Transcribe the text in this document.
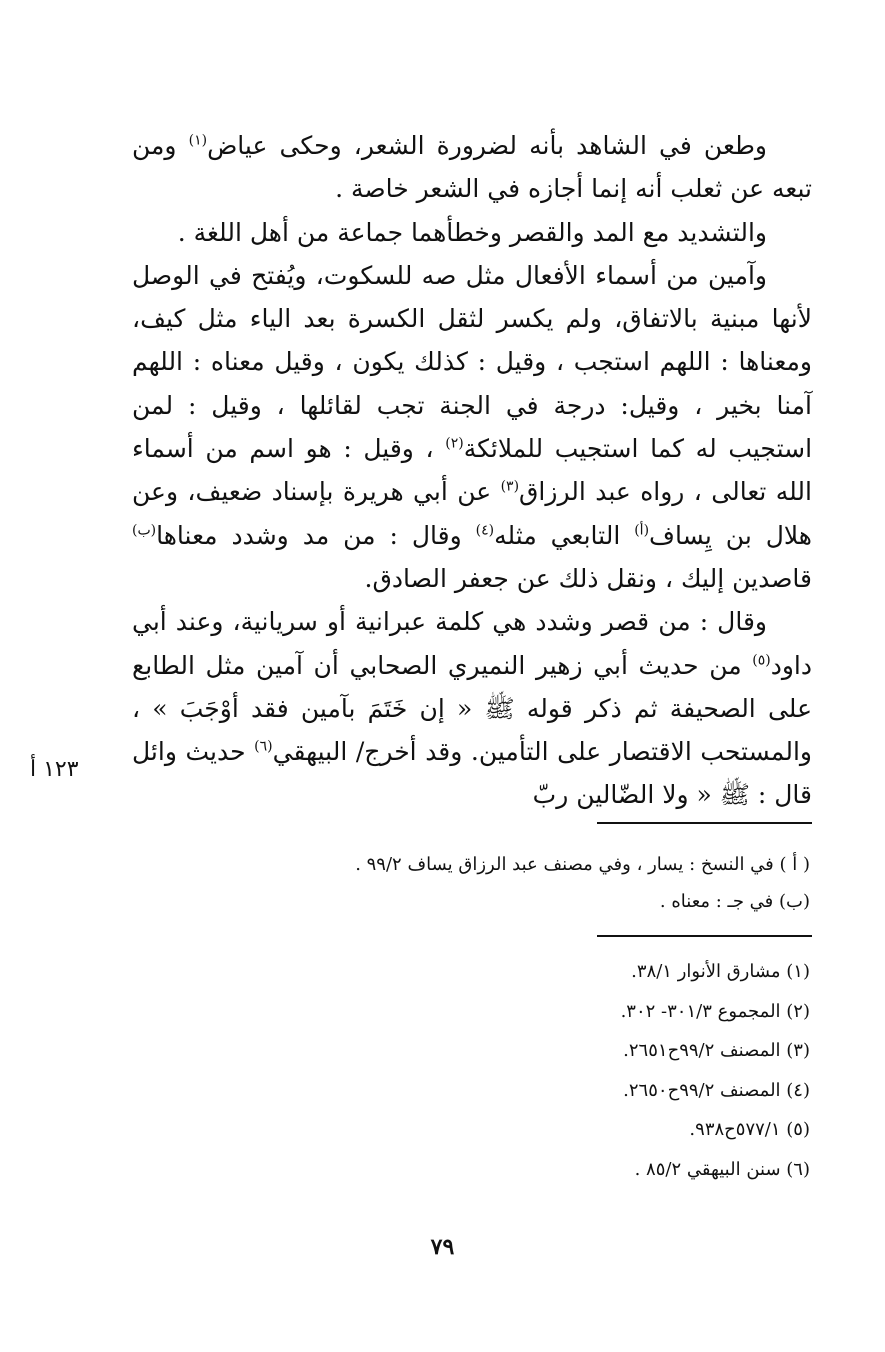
وطعن في الشاهد بأنه لضرورة الشعر، وحكى عياض$^{(١)}$ ومن تبعه عن ثعلب أنه إنما أجازه في الشعر خاصة .

والتشديد مع المد والقصر وخطأهما جماعة من أهل اللغة .

وآمين من أسماء الأفعال مثل صه للسكوت، ويُفتح في الوصل لأنها مبنية بالاتفاق، ولم يكسر لثقل الكسرة بعد الياء مثل كيف، ومعناها : اللهم استجب ، وقيل : كذلك يكون ، وقيل معناه : اللهم آمنا بخير ، وقيل: درجة في الجنة تجب لقائلها ، وقيل : لمن استجيب له كما استجيب للملائكة$^{(٢)}$ ، وقيل : هو اسم من أسماء الله تعالى ، رواه عبد الرزاق$^{(٣)}$ عن أبي هريرة بإسناد ضعيف، وعن هلال بن يِساف$^{(أ)}$ التابعي مثله$^{(٤)}$ وقال : من مد وشدد معناها$^{(ب)}$ قاصدين إليك ، ونقل ذلك عن جعفر الصادق.

وقال : من قصر وشدد هي كلمة عبرانية أو سريانية، وعند أبي داود$^{(٥)}$ من حديث أبي زهير النميري الصحابي أن آمين مثل الطابع على الصحيفة ثم ذكر قوله ﷺ « إن خَتَمَ بآمين فقد أوْجَبَ » ، والمستحب الاقتصار على التأمين. وقد أخرج/ البيهقي$^{(٦)}$ حديث وائل قال : ﷺ « ولا الضّالين ربّ

١٢٣ أ
( أ ) في النسخ : يسار ، وفي مصنف عبد الرزاق يساف ٩٩/٢ .
(ب) في جـ : معناه .
(١) مشارق الأنوار ٣٨/١.
(٢) المجموع ٣٠١/٣- ٣٠٢.
(٣) المصنف ٩٩/٢ح٢٦٥١.
(٤) المصنف ٩٩/٢ح٢٦٥٠.
(٥) ٥٧٧/١ح٩٣٨.
(٦) سنن البيهقي ٨٥/٢ .
٧٩
